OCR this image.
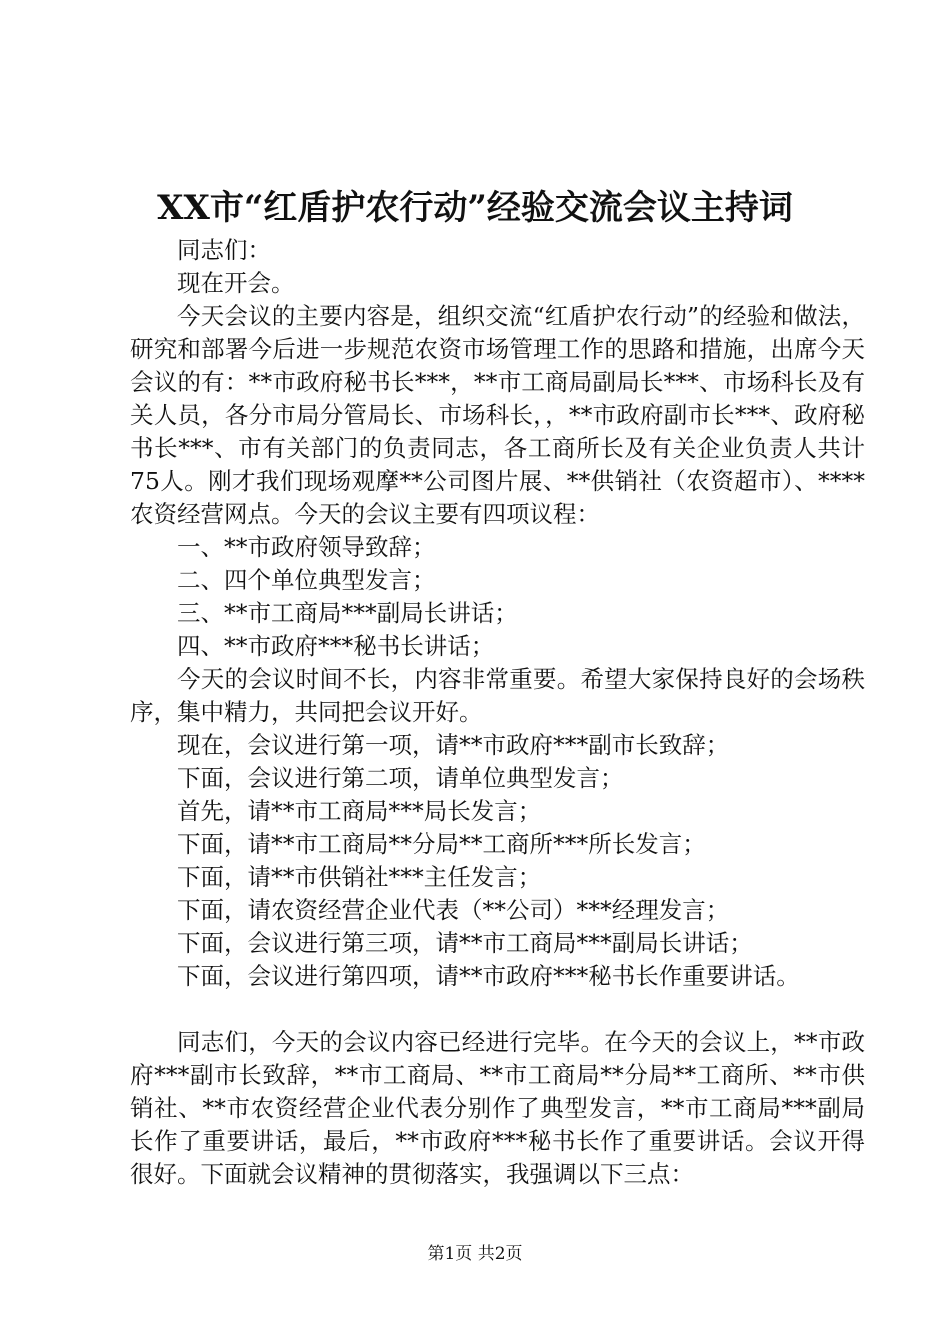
XX市“红盾护农行动”经验交流会议主持词

同志们：

现在开会。

今天会议的主要内容是，组织交流“红盾护农行动”的经验和做法，研究和部署今后进一步规范农资市场管理工作的思路和措施，出席今天会议的有：**市政府秘书长***，**市工商局副局长***、市场科长及有关人员，各分市局分管局长、市场科长，，**市政府副市长***、政府秘书长***、市有关部门的负责同志，各工商所长及有关企业负责人共计75人。刚才我们现场观摩**公司图片展、**供销社（农资超市）、****农资经营网点。今天的会议主要有四项议程：

一、**市政府领导致辞；

二、四个单位典型发言；

三、**市工商局***副局长讲话；

四、**市政府***秘书长讲话；

今天的会议时间不长，内容非常重要。希望大家保持良好的会场秩序，集中精力，共同把会议开好。

现在，会议进行第一项，请**市政府***副市长致辞；

下面，会议进行第二项，请单位典型发言；

首先，请**市工商局***局长发言；

下面，请**市工商局**分局**工商所***所长发言；

下面，请**市供销社***主任发言；

下面，请农资经营企业代表（**公司）***经理发言；

下面，会议进行第三项，请**市工商局***副局长讲话；

下面，会议进行第四项，请**市政府***秘书长作重要讲话。

同志们，今天的会议内容已经进行完毕。在今天的会议上，**市政府***副市长致辞，**市工商局、**市工商局**分局**工商所、**市供销社、**市农资经营企业代表分别作了典型发言，**市工商局***副局长作了重要讲话，最后，**市政府***秘书长作了重要讲话。会议开得很好。下面就会议精神的贯彻落实，我强调以下三点：

第1页 共2页
